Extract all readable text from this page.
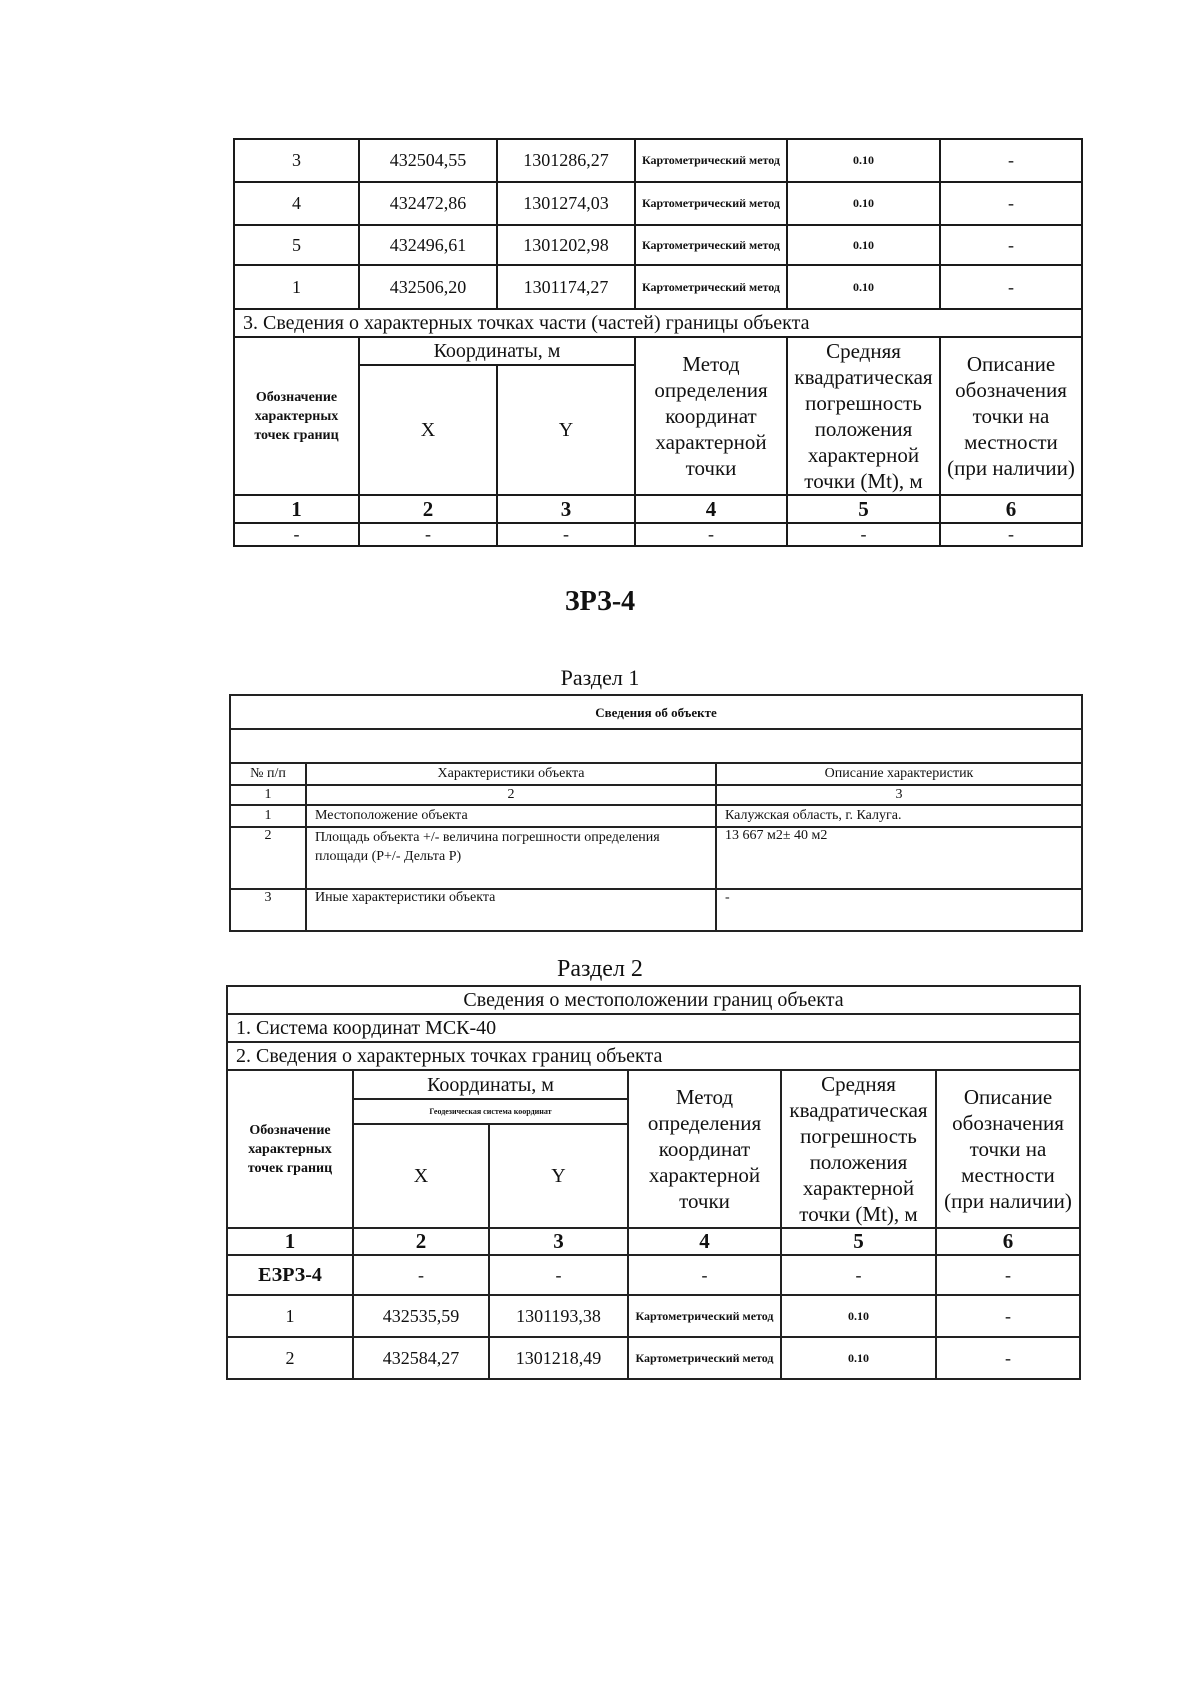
3	432504,55	1301286,27	Картометрический метод	0.10	-
4	432472,86	1301274,03	Картометрический метод	0.10	-
5	432496,61	1301202,98	Картометрический метод	0.10	-
1	432506,20	1301174,27	Картометрический метод	0.10	-
3. Сведения о характерных точках части (частей) границы объекта					
Обозначение характерных точек границ	Координаты, м		Метод определения координат характерной точки	Средняя квадратическая погрешность положения характерной точки (Mt), м	Описание обозначения точки на местности (при наличии)
	X	Y			
1	2	3	4	5	6
-	-	-	-	-	-
ЗРЗ-4
Раздел 1
Сведения об объекте		

№ п/п	Характеристики объекта	Описание характеристик
1	2	3
1	Местоположение объекта	Калужская область, г. Калуга.
2	Площадь объекта +/- величина погрешности определения площади (Р+/- Дельта Р)	13 667 м2± 40 м2
3	Иные характеристики объекта	-
Раздел 2
Сведения о местоположении границ объекта					
1. Система координат МСК-40					
2. Сведения о характерных точках границ объекта					
Обозначение характерных точек границ	Координаты, м		Метод определения координат характерной точки	Средняя квадратическая погрешность положения характерной точки (Mt), м	Описание обозначения точки на местности (при наличии)
	Геодезическая система координат				
	X	Y			
1	2	3	4	5	6
ЕЗРЗ-4	-	-	-	-	-
1	432535,59	1301193,38	Картометрический метод	0.10	-
2	432584,27	1301218,49	Картометрический метод	0.10	-
